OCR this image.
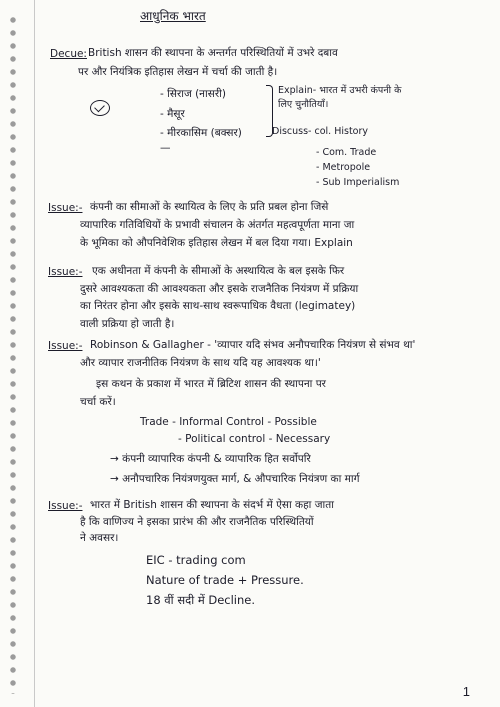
आधुनिक भारत
Decue: British शासन की स्थापना के अन्तर्गत परिस्थितियों में उभरे दबाव
पर और नियंत्रिक इतिहास लेखन में चर्चा की जाती है।
- सिराज (नासरी)
- मैसूर
- मीरकासिम (बक्सर)
—
Explain- भारत में उभरी कंपनी के
लिए चुनौतियाँ।
Discuss- col. History
- Com. Trade
- Metropole
- Sub Imperialism
Issue:- कंपनी का सीमाओं के स्थायित्व के लिए के प्रति प्रबल होना जिसे
व्यापारिक गतिविधियों के प्रभावी संचालन के अंतर्गत महत्वपूर्णता माना जा
के भूमिका को औपनिवेशिक इतिहास लेखन में बल दिया गया। Explain
Issue:- एक अधीनता में कंपनी के सीमाओं के अस्थायित्व के बल इसके फिर
दुसरे आवश्यकता की आवश्यकता और इसके राजनैतिक नियंत्रण में प्रक्रिया
का निरंतर होना और इसके साथ-साथ स्वरूपाधिक वैधता (legimatey)
वाली प्रक्रिया हो जाती है।
Issue:- Robinson & Gallagher - 'व्यापार यदि संभव अनौपचारिक नियंत्रण से संभव था'
और व्यापार राजनीतिक नियंत्रण के साथ यदि यह आवश्यक था।'
इस कथन के प्रकाश में भारत में ब्रिटिश शासन की स्थापना पर
चर्चा करें।
Trade - Informal Control - Possible
- Political control - Necessary
→ कंपनी व्यापारिक कंपनी & व्यापारिक हित सर्वोपरि
→ अनौपचारिक नियंत्रणयुक्त मार्ग, & औपचारिक नियंत्रण का मार्ग
Issue:- भारत में British शासन की स्थापना के संदर्भ में ऐसा कहा जाता
है कि वाणिज्य ने इसका प्रारंभ की और राजनैतिक परिस्थितियों
ने अवसर।
EIC - trading com
Nature of trade + Pressure.
18 वीं सदी में Decline.
1
